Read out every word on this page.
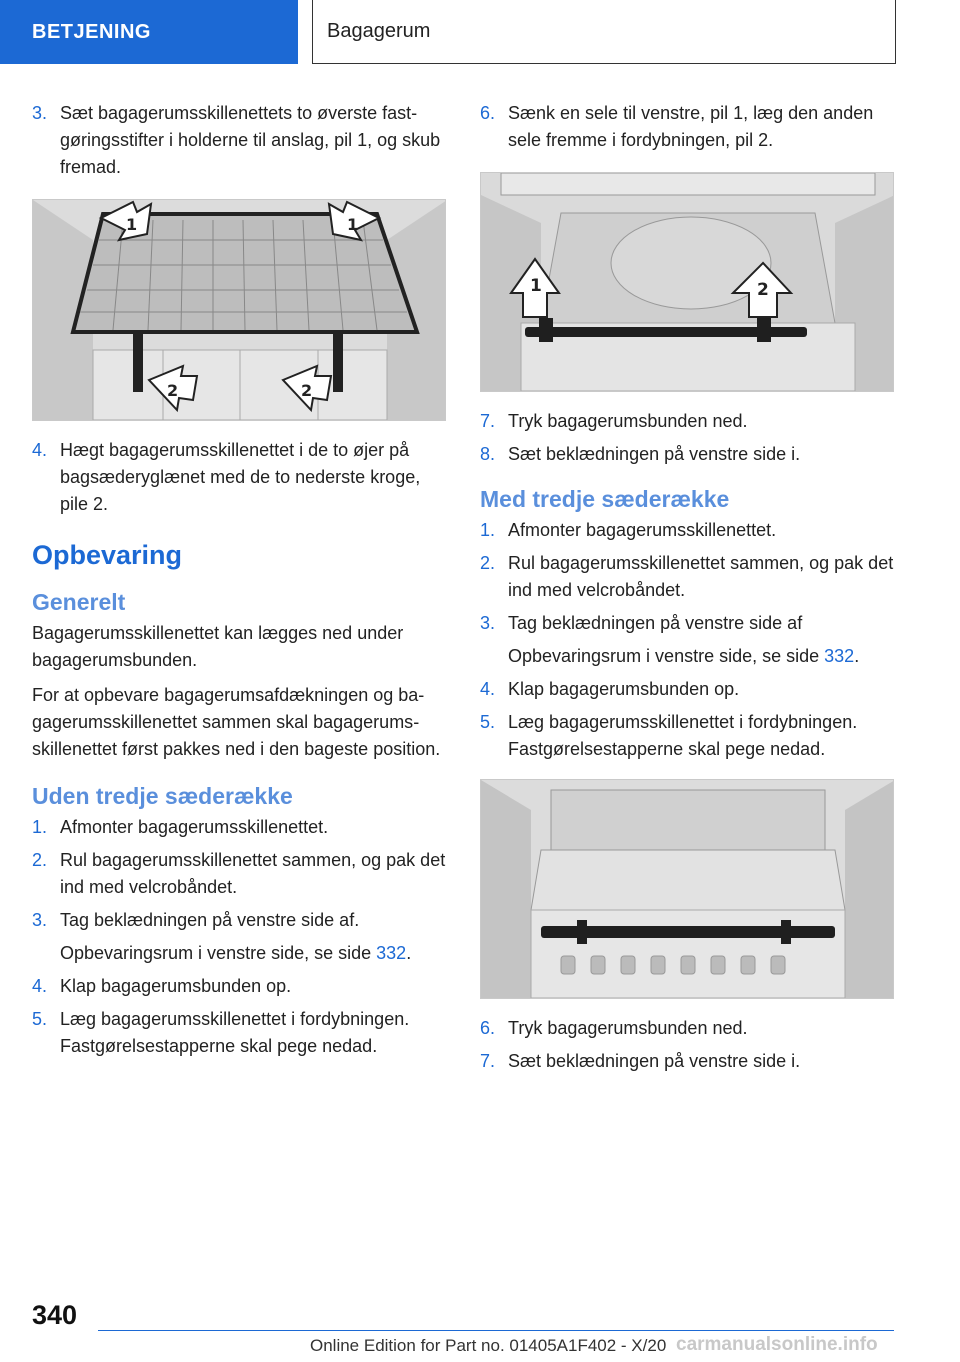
BETJENING	Bagagerum
3. Sæt bagagerumsskillenettets to øverste fastgøringsstifter i holderne til anslag, pil 1, og skub fremad.
1	1
2	2
4. Hægt bagagerumsskillenettet i de to øjer på bagsæderyglænet med de to nederste kroge, pile 2.
Opbevaring
Generelt
Bagagerumsskillenettet kan lægges ned under bagagerumsbunden.
For at opbevare bagagerumsafdækningen og bagagerumsskillenettet sammen skal bagagerumsskillenettet først pakkes ned i den bageste position.
Uden tredje sæderække
1. Afmonter bagagerumsskillenettet.
2. Rul bagagerumsskillenettet sammen, og pak det ind med velcrobåndet.
3. Tag beklædningen på venstre side af.
Opbevaringsrum i venstre side, se side 332.
4. Klap bagagerumsbunden op.
5. Læg bagagerumsskillenettet i fordybningen. Fastgørelsestapperne skal pege nedad.
6. Sænk en sele til venstre, pil 1, læg den anden sele fremme i fordybningen, pil 2.
1	2
7. Tryk bagagerumsbunden ned.
8. Sæt beklædningen på venstre side i.
Med tredje sæderække
1. Afmonter bagagerumsskillenettet.
2. Rul bagagerumsskillenettet sammen, og pak det ind med velcrobåndet.
3. Tag beklædningen på venstre side af
Opbevaringsrum i venstre side, se side 332.
4. Klap bagagerumsbunden op.
5. Læg bagagerumsskillenettet i fordybningen. Fastgørelsestapperne skal pege nedad.
6. Tryk bagagerumsbunden ned.
7. Sæt beklædningen på venstre side i.
340
Online Edition for Part no. 01405A1F402 - X/20 carmanualsonline.info
